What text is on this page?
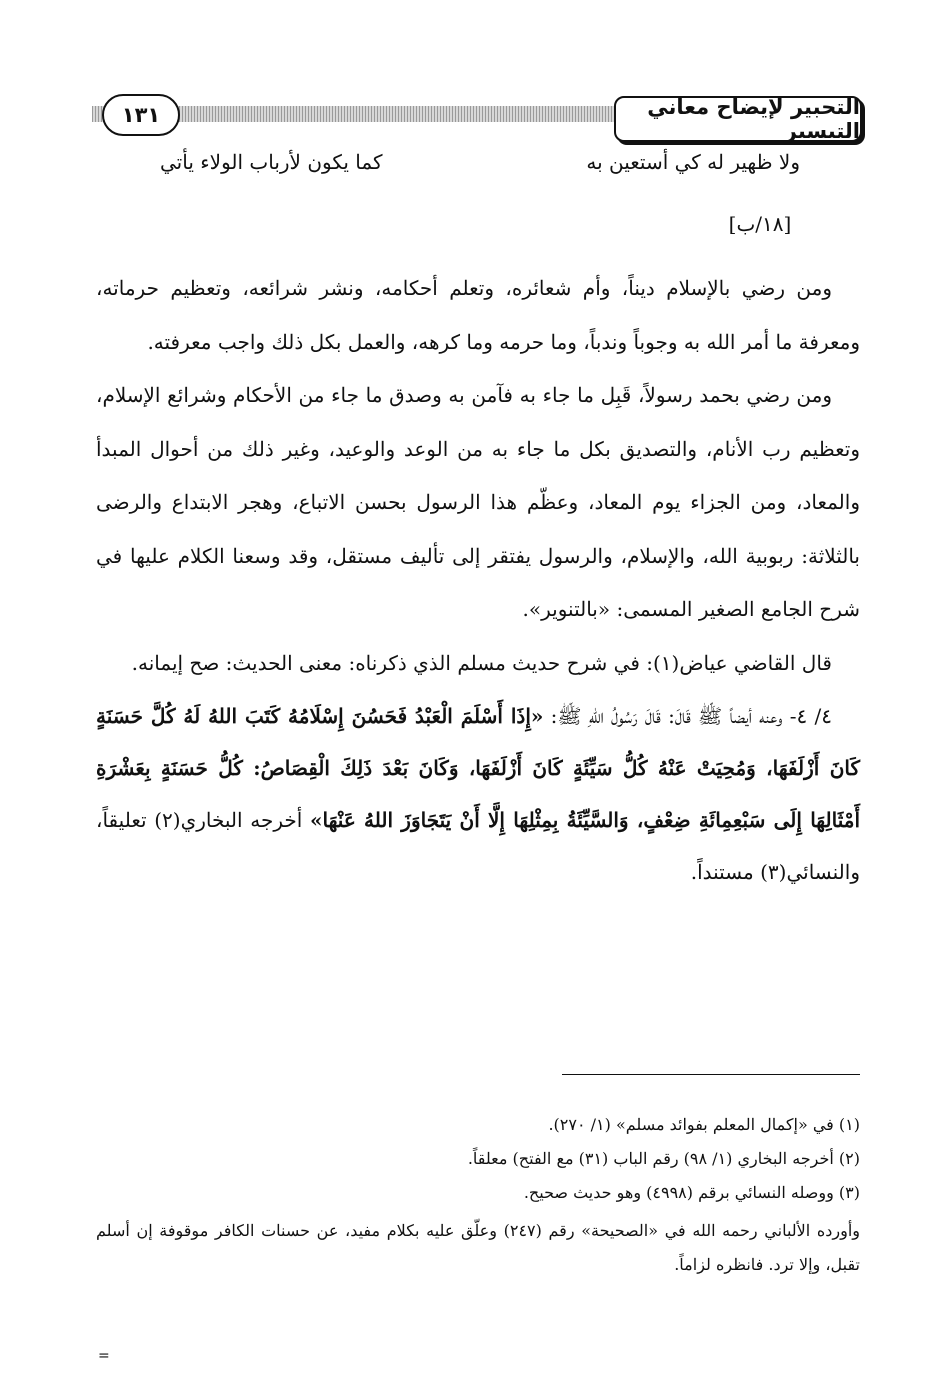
١٣١	التحبير لإيضاح معاني التيسير
ولا ظهير له كي أستعين به
كما يكون لأرباب الولاء يأتي
[١٨/ب]

ومن رضي بالإسلام ديناً، وأم شعائره، وتعلم أحكامه، ونشر شرائعه، وتعظيم حرماته، ومعرفة ما أمر الله به وجوباً وندباً، وما حرمه وما كرهه، والعمل بكل ذلك واجب معرفته.

ومن رضي بحمد رسولاً، قَبِل ما جاء به فآمن به وصدق ما جاء من الأحكام وشرائع الإسلام، وتعظيم رب الأنام، والتصديق بكل ما جاء به من الوعد والوعيد، وغير ذلك من أحوال المبدأ والمعاد، ومن الجزاء يوم المعاد، وعظّم هذا الرسول بحسن الاتباع، وهجر الابتداع والرضى بالثلاثة: ربوبية الله، والإسلام، والرسول يفتقر إلى تأليف مستقل، وقد وسعنا الكلام عليها في شرح الجامع الصغير المسمى: «بالتنوير».

قال القاضي عياض(١): في شرح حديث مسلم الذي ذكرناه: معنى الحديث: صح إيمانه.

٤/ ٤- وعنه أيضاً ﷺ قَالَ: قَالَ رَسُولُ اللهِ ﷺ: «إِذَا أَسْلَمَ الْعَبْدُ فَحَسُنَ إِسْلَامُهُ كَتَبَ اللهُ لَهُ كُلَّ حَسَنَةٍ كَانَ أَزْلَفَهَا، وَمُحِيَتْ عَنْهُ كُلُّ سَيِّئَةٍ كَانَ أَزْلَفَهَا، وَكَانَ بَعْدَ ذَلِكَ الْقِصَاصُ: كُلُّ حَسَنَةٍ بِعَشْرَةِ أَمْثَالِهَا إِلَى سَبْعِمِائَةِ ضِعْفٍ، وَالسَّيِّئَةُ بِمِثْلِهَا إِلَّا أَنْ يَتَجَاوَزَ اللهُ عَنْهَا» أخرجه البخاري(٢) تعليقاً، والنسائي(٣) مستنداً.

(١) في «إكمال المعلم بفوائد مسلم» (١/ ٢٧٠).

(٢) أخرجه البخاري (١/ ٩٨) رقم الباب (٣١) مع الفتح) معلقاً.

(٣) ووصله النسائي برقم (٤٩٩٨) وهو حديث صحيح.

وأورده الألباني رحمه الله في «الصحيحة» رقم (٢٤٧) وعلّق عليه بكلام مفيد، عن حسنات الكافر موقوفة إن أسلم تقبل، وإلا ترد. فانظره لزاماً.

=
